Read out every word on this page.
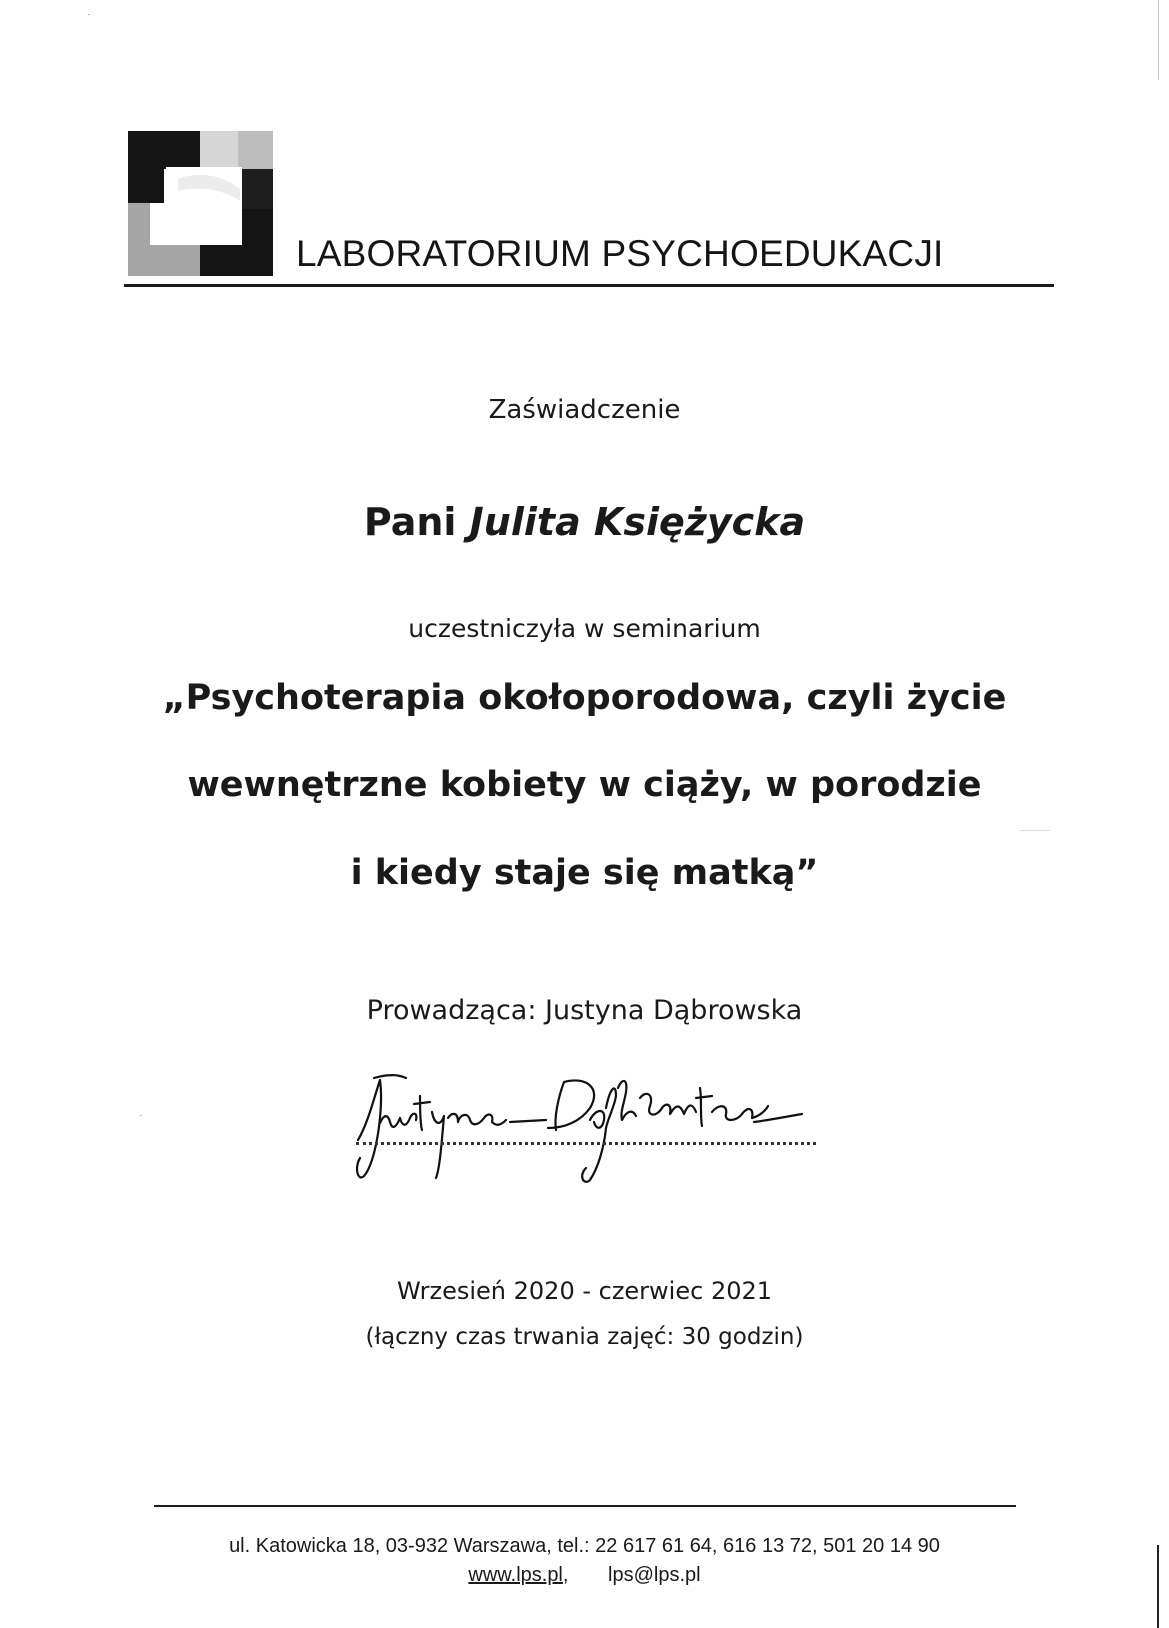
LABORATORIUM PSYCHOEDUKACJI
Zaświadczenie
Pani Julita Księżycka
uczestniczyła w seminarium
„Psychoterapia okołoporodowa, czyli życie
wewnętrzne kobiety w ciąży, w porodzie
i kiedy staje się matką”
Prowadząca: Justyna Dąbrowska
Wrzesień 2020 - czerwiec 2021
(łączny czas trwania zajęć: 30 godzin)
ul. Katowicka 18, 03-932 Warszawa, tel.: 22 617 61 64, 616 13 72, 501 20 14 90
www.lps.pl, lps@lps.pl
